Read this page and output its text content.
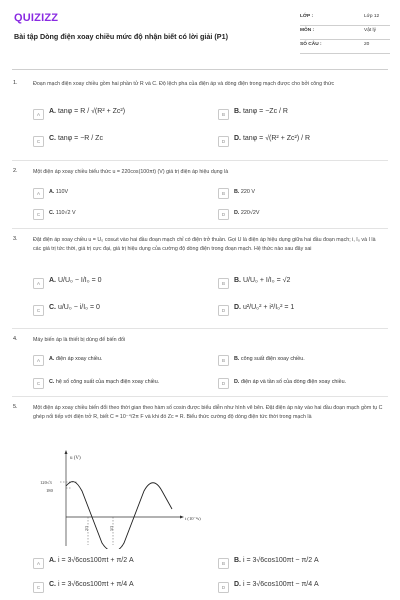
QUIZIZZ
Bài tập Dòng điện xoay chiều mức độ nhận biết có lời giải (P1)
LỚP :	Lớp 12
MÔN :	Vật lý
SỐ CÂU :	20
1.	Đoạn mạch điện xoay chiều gồm hai phần tử R và C. Độ lệch pha của điện áp và dòng điện trong mạch được cho bởi công thức
A	A. tanφ = R / √(R² + Zc²)	B	B. tanφ = −Zc / R
C	C. tanφ = −R / Zc	D	D. tanφ = √(R² + Zc²) / R
2.	Một điện áp xoay chiều biểu thức u = 220cos(100πt) (V) giá trị điện áp hiệu dụng là
A	A. 110V	B	B. 220 V
C	C. 110√2 V	D	D. 220√2V
3.	Đặt điện áp xoay chiều u = U₀ cosωt vào hai đầu đoạn mạch chỉ có điện trở thuần. Gọi U là điện áp hiệu dụng giữa hai đầu đoạn mạch; i, I₀ và I là các giá trị tức thời, giá trị cực đại, giá trị hiệu dụng của cường độ dòng điện trong đoạn mạch. Hệ thức nào sau đây sai
A	A. U/U₀ − I/I₀ = 0	B	B. U/U₀ + I/I₀ = √2
C	C. u/U₀ − i/I₀ = 0	D	D. u²/U₀² + i²/I₀² = 1
4.	Máy biến áp là thiết bị dùng để biến đổi
A	A. điện áp xoay chiều.	B	B. công suất điện xoay chiều.
C	C. hệ số công suất của mạch điện xoay chiều.	D	D. điện áp và tần số của dòng điện xoay chiều.
5.	Một điện áp xoay chiều biến đổi theo thời gian theo hàm số cosin được biểu diễn như hình vẽ bên. Đặt điện áp này vào hai đầu đoạn mạch gồm tụ C ghép nối tiếp với điện trở R, biết C = 10⁻⁴/2π F và khi đó Zc = R. Biểu thức cường độ dòng điện tức thời trong mạch là
u (V)
t (10⁻²s)
120√3
180
2/3	5/3
A	A. i = 3√6cos100πt + π/2 A	B	B. i = 3√6cos100πt − π/2 A
C	C. i = 3√6cos100πt + π/4 A	D	D. i = 3√6cos100πt − π/4 A
